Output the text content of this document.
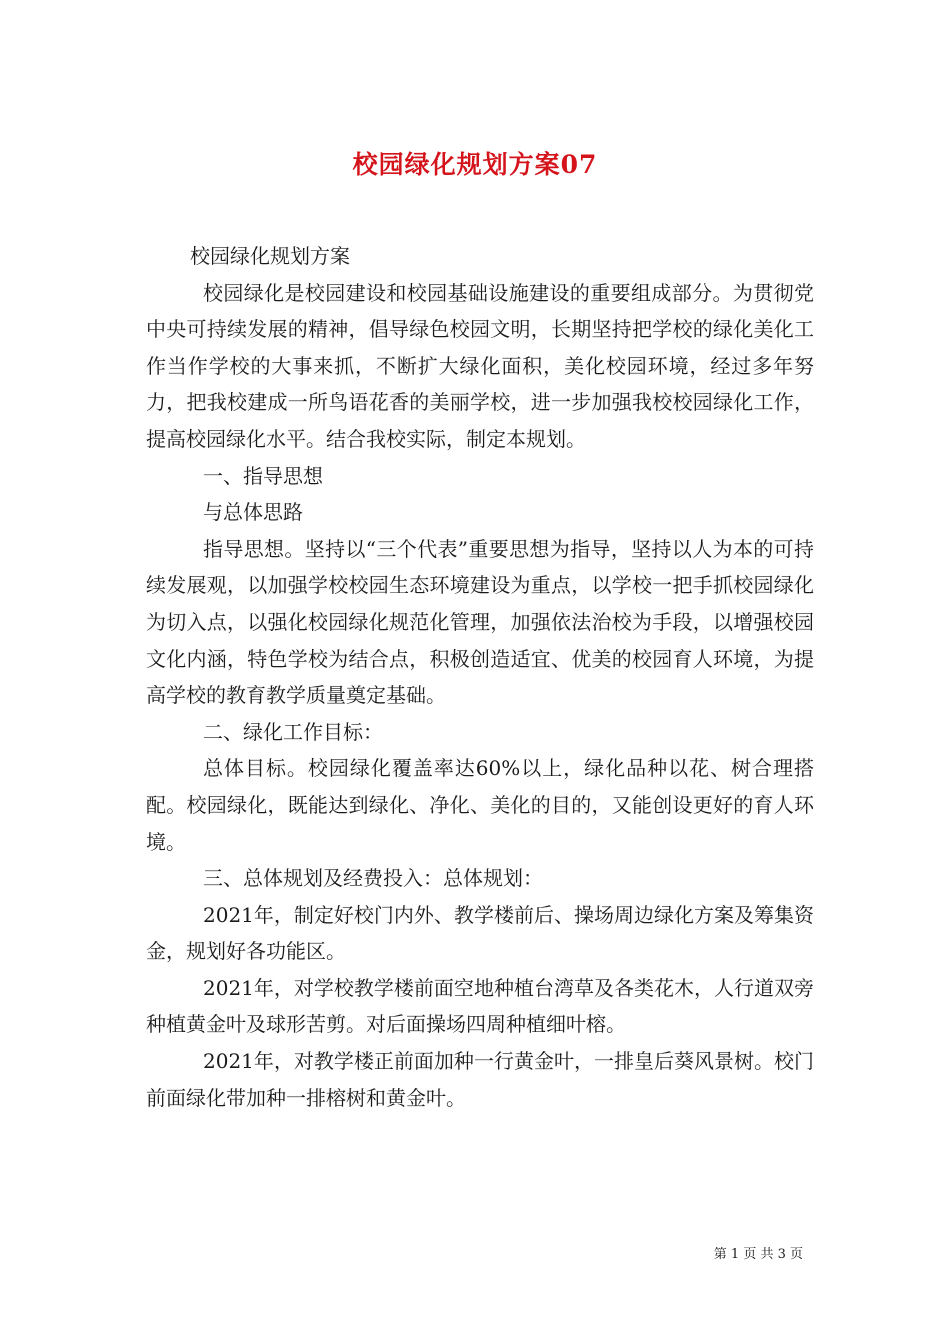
校园绿化规划方案07

校园绿化规划方案

校园绿化是校园建设和校园基础设施建设的重要组成部分。为贯彻党中央可持续发展的精神，倡导绿色校园文明，长期坚持把学校的绿化美化工作当作学校的大事来抓，不断扩大绿化面积，美化校园环境，经过多年努力，把我校建成一所鸟语花香的美丽学校，进一步加强我校校园绿化工作，提高校园绿化水平。结合我校实际，制定本规划。

一、指导思想

与总体思路

指导思想。坚持以“三个代表”重要思想为指导，坚持以人为本的可持续发展观，以加强学校校园生态环境建设为重点，以学校一把手抓校园绿化为切入点，以强化校园绿化规范化管理，加强依法治校为手段，以增强校园文化内涵，特色学校为结合点，积极创造适宜、优美的校园育人环境，为提高学校的教育教学质量奠定基础。

二、绿化工作目标：

总体目标。校园绿化覆盖率达60%以上，绿化品种以花、树合理搭配。校园绿化，既能达到绿化、净化、美化的目的，又能创设更好的育人环境。

三、总体规划及经费投入：总体规划：

2021年，制定好校门内外、教学楼前后、操场周边绿化方案及筹集资金，规划好各功能区。

2021年，对学校教学楼前面空地种植台湾草及各类花木，人行道双旁种植黄金叶及球形苦剪。对后面操场四周种植细叶榕。

2021年，对教学楼正前面加种一行黄金叶，一排皇后葵风景树。校门前面绿化带加种一排榕树和黄金叶。

第 1 页 共 3 页
